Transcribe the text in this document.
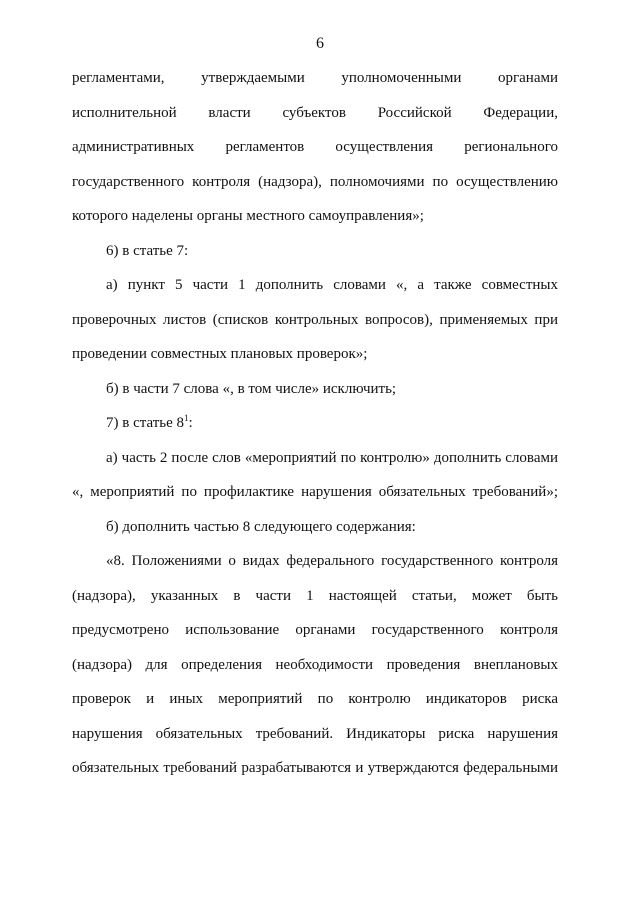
6
регламентами, утверждаемыми уполномоченными органами
исполнительной власти субъектов Российской Федерации,
административных регламентов осуществления регионального
государственного контроля (надзора), полномочиями по осуществлению
которого наделены органы местного самоуправления»;
6) в статье 7:
а) пункт 5 части 1 дополнить словами «, а также совместных
проверочных листов (списков контрольных вопросов), применяемых при
проведении совместных плановых проверок»;
б) в части 7 слова «, в том числе» исключить;
7) в статье $8^1$:
а) часть 2 после слов «мероприятий по контролю» дополнить словами
«, мероприятий по профилактике нарушения обязательных требований»;
б) дополнить частью 8 следующего содержания:
«8. Положениями о видах федерального государственного контроля
(надзора), указанных в части 1 настоящей статьи, может быть
предусмотрено использование органами государственного контроля
(надзора) для определения необходимости проведения внеплановых
проверок и иных мероприятий по контролю индикаторов риска
нарушения обязательных требований. Индикаторы риска нарушения
обязательных требований разрабатываются и утверждаются федеральными
